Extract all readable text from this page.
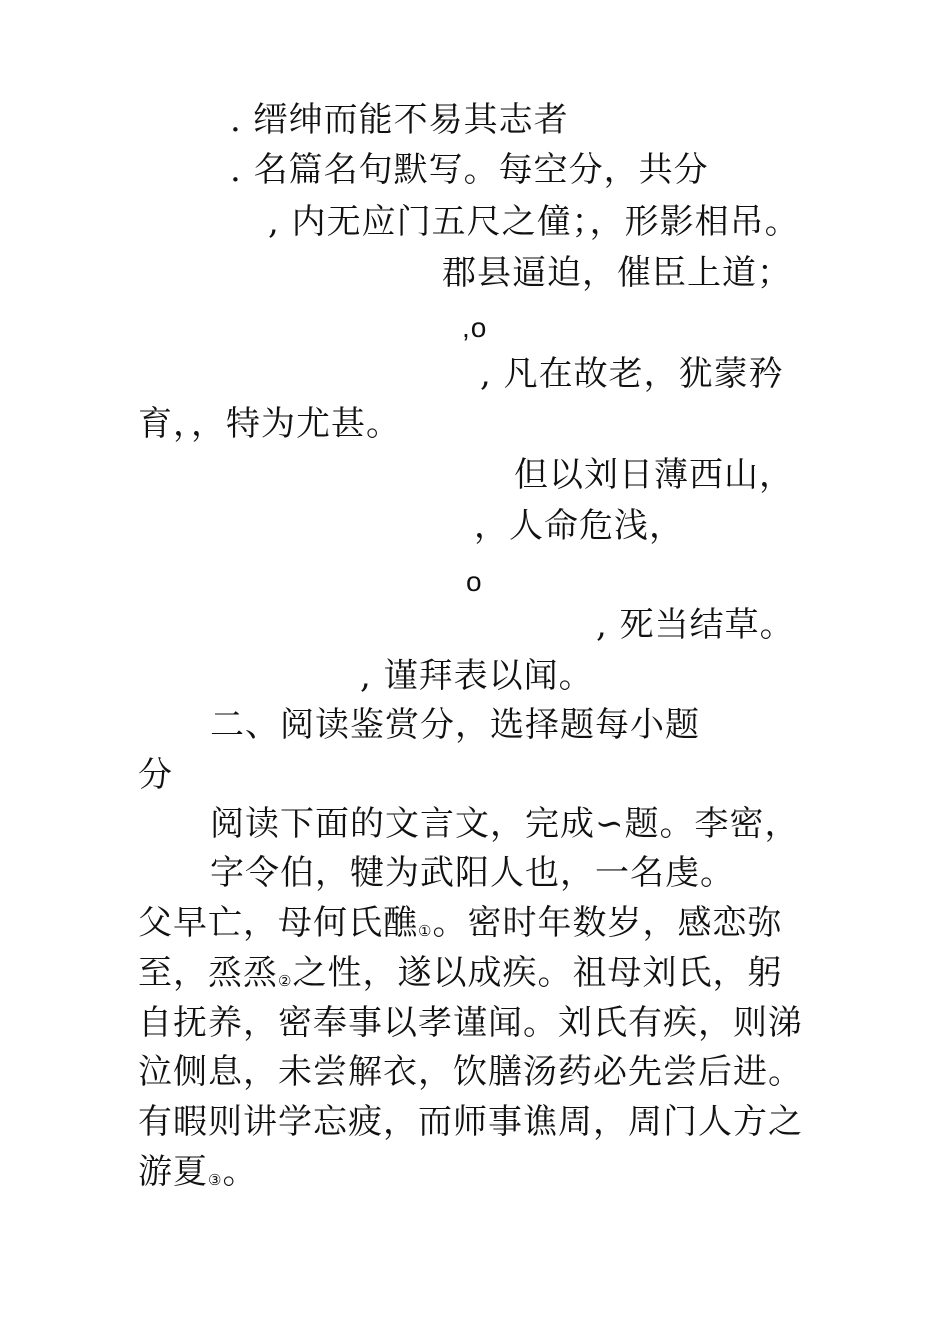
. 缙绅而能不易其志者
. 名篇名句默写。每空分，共分
, 内无应门五尺之僮；，形影相吊。
郡县逼迫，催臣上道；
,o
, 凡在故老，犹蒙矜
育，，特为尤甚。
但以刘日薄西山，
，人命危浅，
o
, 死当结草。
, 谨拜表以闻。
二、阅读鉴赏分，选择题每小题
分
阅读下面的文言文，完成∽题。李密，
字令伯，犍为武阳人也，一名虔。
父早亡，母何氏醮①。密时年数岁，感恋弥
至，烝烝②之性，遂以成疾。祖母刘氏，躬
自抚养，密奉事以孝谨闻。刘氏有疾，则涕
泣侧息，未尝解衣，饮膳汤药必先尝后进。
有暇则讲学忘疲，而师事谯周，周门人方之
游夏③。
